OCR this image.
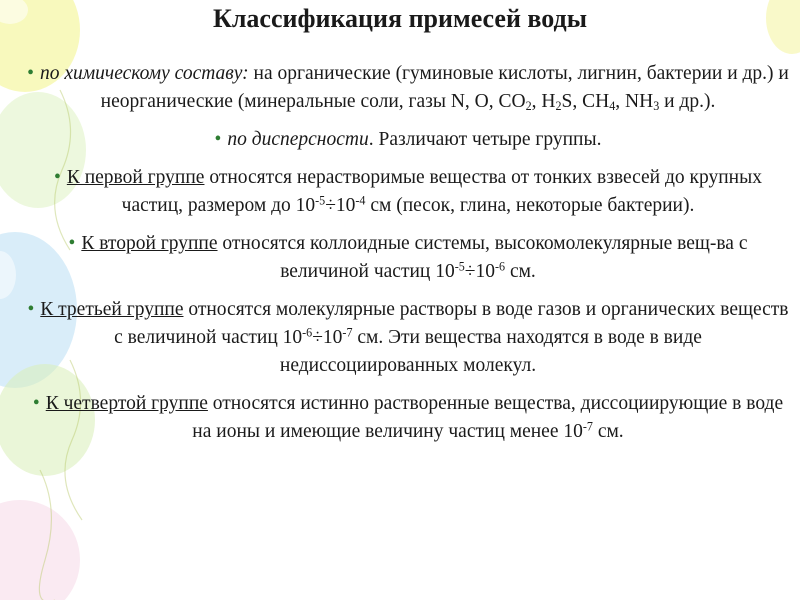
Классификация примесей воды

• по химическому составу: на органические (гуминовые кислоты, лигнин, бактерии и др.) и неорганические (минеральные соли, газы N, O, $CO_2$, $H_2S$, $CH_4$, $NH_3$ и др.).

• по дисперсности. Различают четыре группы.

• К первой группе относятся нерастворимые вещества от тонких взвесей до крупных частиц, размером до $10^{-5}\div 10^{-4}$ см (песок, глина, некоторые бактерии).

• К второй группе относятся коллоидные системы, высокомолекулярные вещ-ва с величиной частиц $10^{-5}\div 10^{-6}$ см.

• К третьей группе относятся молекулярные растворы в воде газов и органических веществ с величиной частиц $10^{-6}\div 10^{-7}$ см. Эти вещества находятся в воде в виде недиссоциированных молекул.

• К четвертой группе относятся истинно растворенные вещества, диссоциирующие в воде на ионы и имеющие величину частиц менее $10^{-7}$ см.
